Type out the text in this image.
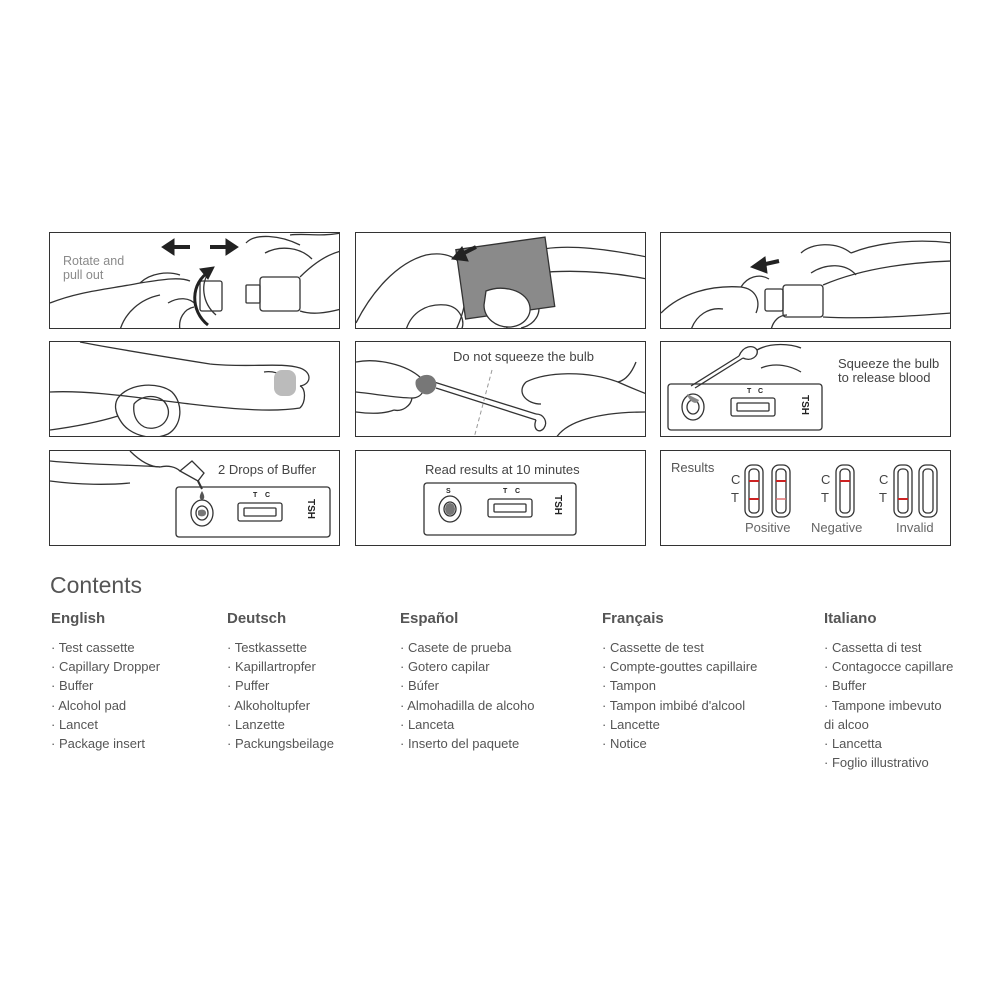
Rotate and
pull out
Do not squeeze the bulb
C
T
TSH
Squeeze the bulb
to release blood
C
T
TSH
2 Drops of Buffer
S	C
T
TSH
Read results at 10 minutes	Results
C
T
C
T
C
T
Positive Negative	Invalid
Contents
English
· Test cassette
· Capillary Dropper
· Buffer
· Alcohol pad
· Lancet
· Package insert
Deutsch
· Testkassette
· Kapillartropfer
· Puffer
· Alkoholtupfer
· Lanzette
· Packungsbeilage
Español
· Casete de prueba
· Gotero capilar
· Búfer
· Almohadilla de alcoho
· Lanceta
· Inserto del paquete
Français
· Cassette de test
· Compte-gouttes capillaire
· Tampon
· Tampon imbibé d'alcool
· Lancette
· Notice
Italiano
· Cassetta di test
· Contagocce capillare
· Buffer
· Tampone imbevuto
di alcoo
· Lancetta
· Foglio illustrativo
